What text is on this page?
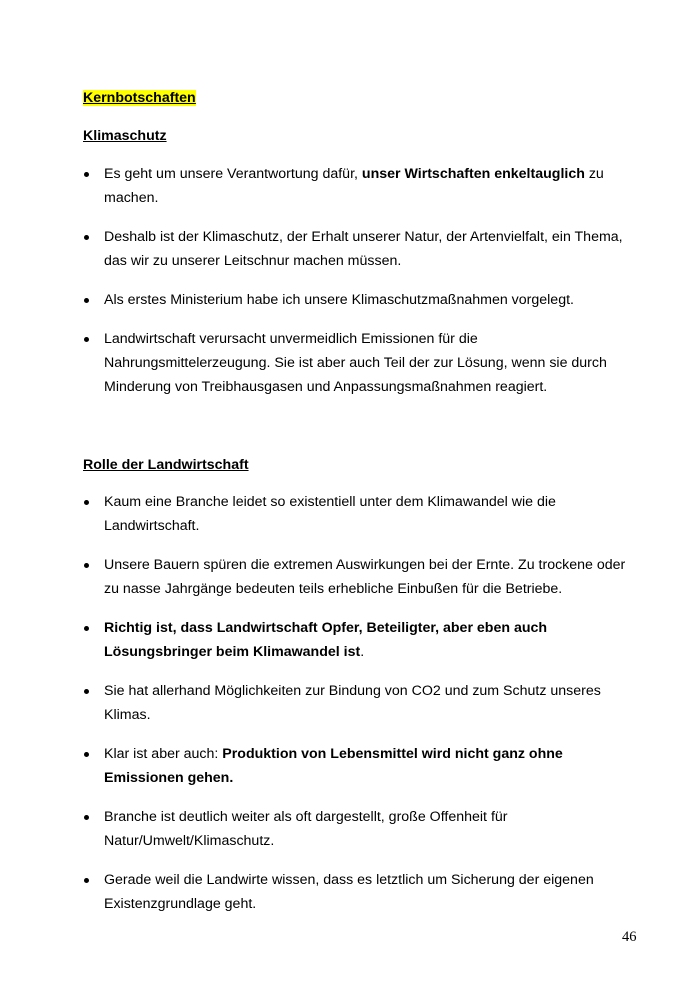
Kernbotschaften

Klimaschutz

Es geht um unsere Verantwortung dafür, unser Wirtschaften enkeltauglich zu machen.
Deshalb ist der Klimaschutz, der Erhalt unserer Natur, der Artenvielfalt, ein Thema, das wir zu unserer Leitschnur machen müssen.
Als erstes Ministerium habe ich unsere Klimaschutzmaßnahmen vorgelegt.
Landwirtschaft verursacht unvermeidlich Emissionen für die Nahrungsmittelerzeugung. Sie ist aber auch Teil der zur Lösung, wenn sie durch Minderung von Treibhausgasen und Anpassungsmaßnahmen reagiert.

Rolle der Landwirtschaft

Kaum eine Branche leidet so existentiell unter dem Klimawandel wie die Landwirtschaft.
Unsere Bauern spüren die extremen Auswirkungen bei der Ernte. Zu trockene oder zu nasse Jahrgänge bedeuten teils erhebliche Einbußen für die Betriebe.
Richtig ist, dass Landwirtschaft Opfer, Beteiligter, aber eben auch Lösungsbringer beim Klimawandel ist.
Sie hat allerhand Möglichkeiten zur Bindung von CO2 und zum Schutz unseres Klimas.
Klar ist aber auch: Produktion von Lebensmittel wird nicht ganz ohne Emissionen gehen.
Branche ist deutlich weiter als oft dargestellt, große Offenheit für Natur/Umwelt/Klimaschutz.
Gerade weil die Landwirte wissen, dass es letztlich um Sicherung der eigenen Existenzgrundlage geht.
46
